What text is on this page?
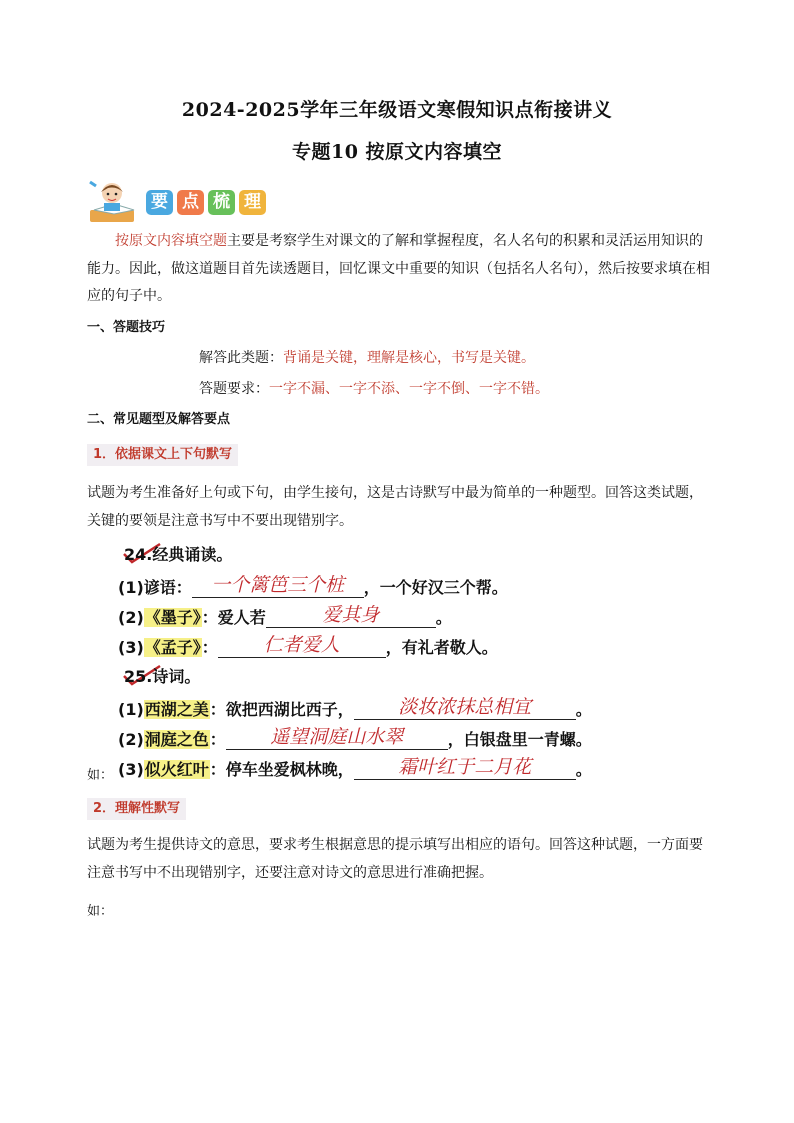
2024-2025学年三年级语文寒假知识点衔接讲义
专题10 按原文内容填空
要 点 梳 理
按原文内容填空题主要是考察学生对课文的了解和掌握程度，名人名句的积累和灵活运用知识的能力。因此，做这道题目首先读透题目，回忆课文中重要的知识（包括名人名句），然后按要求填在相应的句子中。
一、答题技巧
解答此类题：背诵是关键，理解是核心，书写是关键。
答题要求：一字不漏、一字不添、一字不倒、一字不错。
二、常见题型及解答要点
1．依据课文上下句默写
试题为考生准备好上句或下句，由学生接句，这是古诗默写中最为简单的一种题型。回答这类试题，关键的要领是注意书写中不要出现错别字。
24.经典诵读。
(1)谚语： 一个篱笆三个桩 ，一个好汉三个帮。
(2)《墨子》：爱人若	爱其身	。
(3)《孟子》： 仁者爱人	，有礼者敬人。
25.诗词。
(1)西湖之美：欲把西湖比西子， 淡妆浓抹总相宜	。
(2)洞庭之色： 遥望洞庭山水翠	，白银盘里一青螺。
(3)似火红叶：停车坐爱枫林晚， 霜叶红于二月花	。
如：
2．理解性默写
试题为考生提供诗文的意思，要求考生根据意思的提示填写出相应的语句。回答这种试题，一方面要注意书写中不出现错别字，还要注意对诗文的意思进行准确把握。
如：
